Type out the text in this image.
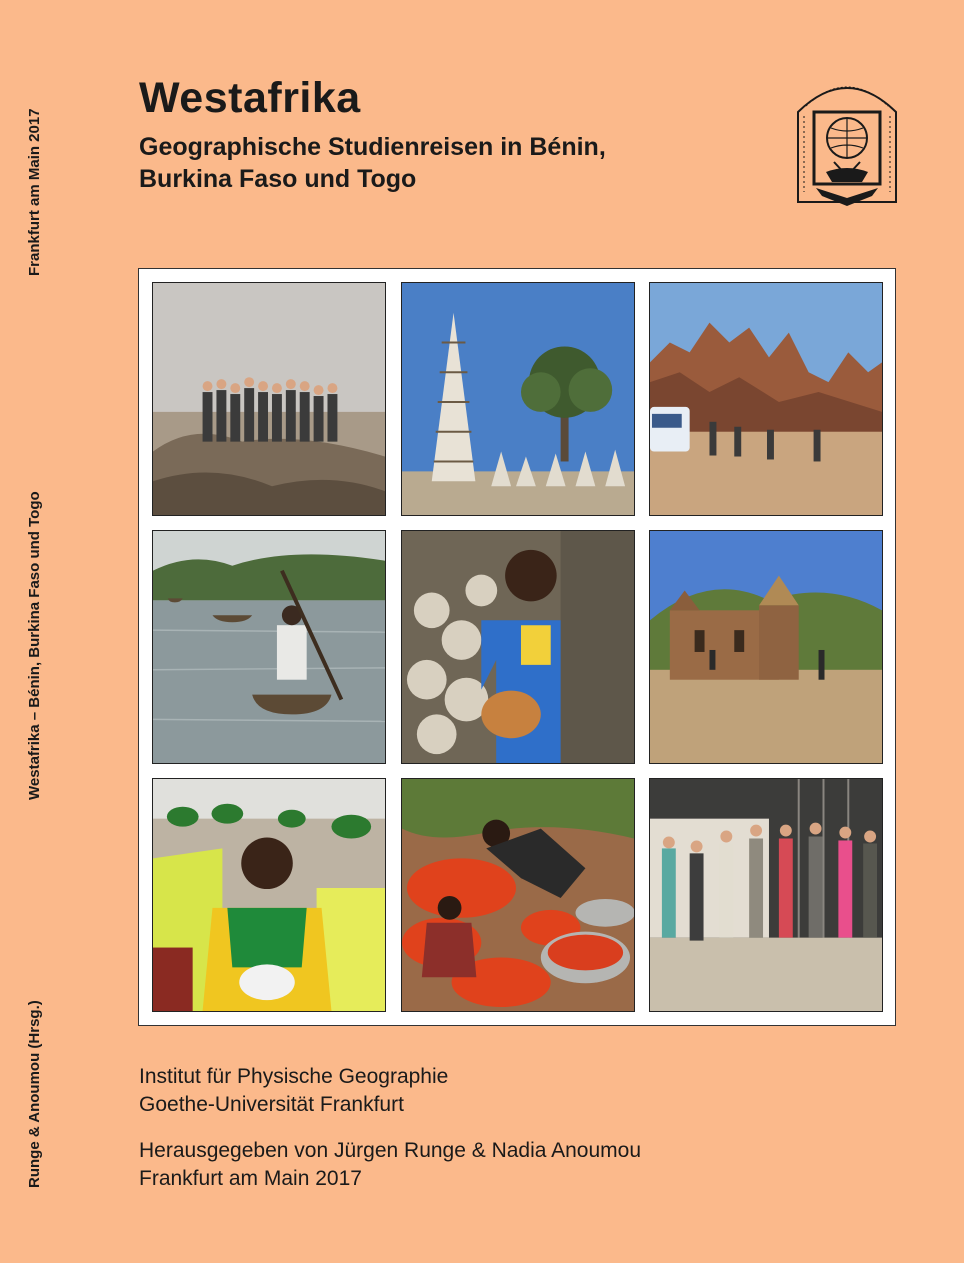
Frankfurt am Main 2017
Westafrika – Bénin, Burkina Faso und Togo
Runge & Anoumou (Hrsg.)
Westafrika
Geographische Studienreisen in Bénin,
Burkina Faso und Togo
Institut für Physische Geographie
Goethe-Universität Frankfurt
Herausgegeben von Jürgen Runge & Nadia Anoumou
Frankfurt am Main 2017
